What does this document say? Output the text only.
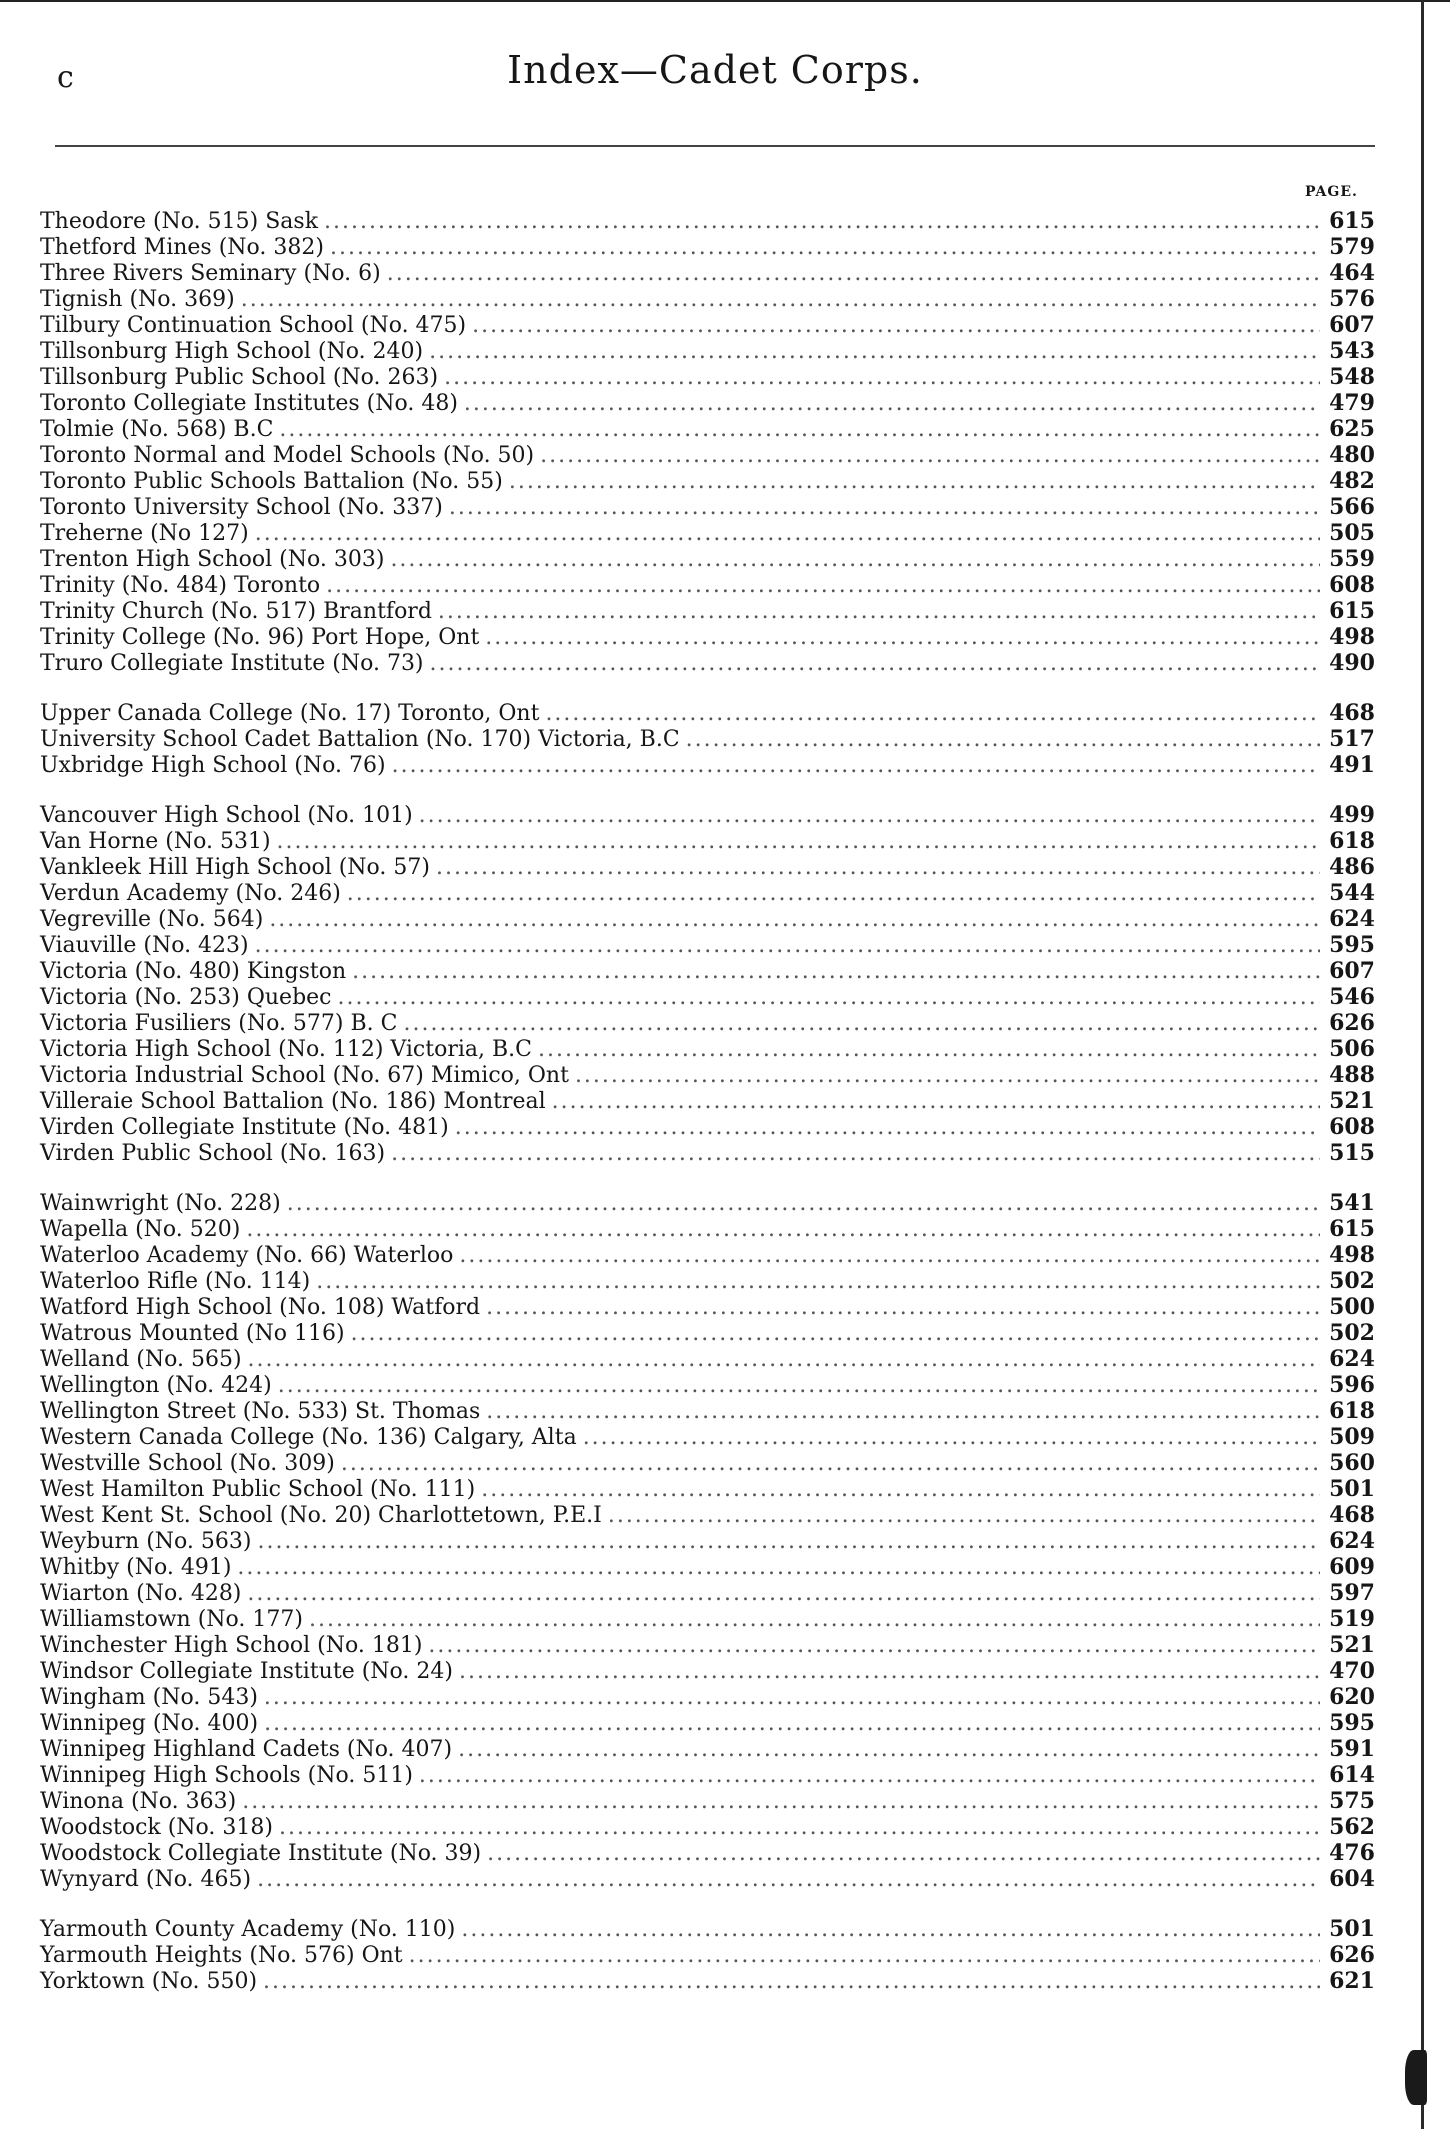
c	Index—Cadet Corps.
PAGE.
Theodore (No. 515) Sask .....	615
Thetford Mines (No. 382) .....	579
Three Rivers Seminary (No. 6) .....	464
Tignish (No. 369) .....	576
Tilbury Continuation School (No. 475) .....	607
Tillsonburg High School (No. 240) .....	543
Tillsonburg Public School (No. 263) .....	548
Toronto Collegiate Institutes (No. 48) .....	479
Tolmie (No. 568) B.C .....	625
Toronto Normal and Model Schools (No. 50) .....	480
Toronto Public Schools Battalion (No. 55) .....	482
Toronto University School (No. 337) .....	566
Treherne (No 127) .....	505
Trenton High School (No. 303) .....	559
Trinity (No. 484) Toronto .....	608
Trinity Church (No. 517) Brantford .....	615
Trinity College (No. 96) Port Hope, Ont .....	498
Truro Collegiate Institute (No. 73) .....	490
Upper Canada College (No. 17) Toronto, Ont .....	468
University School Cadet Battalion (No. 170) Victoria, B.C .....	517
Uxbridge High School (No. 76) .....	491
Vancouver High School (No. 101) .....	499
Van Horne (No. 531) .....	618
Vankleek Hill High School (No. 57) .....	486
Verdun Academy (No. 246) .....	544
Vegreville (No. 564) .....	624
Viauville (No. 423) .....	595
Victoria (No. 480) Kingston .....	607
Victoria (No. 253) Quebec .....	546
Victoria Fusiliers (No. 577) B. C .....	626
Victoria High School (No. 112) Victoria, B.C .....	506
Victoria Industrial School (No. 67) Mimico, Ont .....	488
Villeraie School Battalion (No. 186) Montreal .....	521
Virden Collegiate Institute (No. 481) .....	608
Virden Public School (No. 163) .....	515
Wainwright (No. 228) .....	541
Wapella (No. 520) .....	615
Waterloo Academy (No. 66) Waterloo .....	498
Waterloo Rifle (No. 114) .....	502
Watford High School (No. 108) Watford .....	500
Watrous Mounted (No 116) .....	502
Welland (No. 565) .....	624
Wellington (No. 424) .....	596
Wellington Street (No. 533) St. Thomas .....	618
Western Canada College (No. 136) Calgary, Alta .....	509
Westville School (No. 309) .....	560
West Hamilton Public School (No. 111) .....	501
West Kent St. School (No. 20) Charlottetown, P.E.I .....	468
Weyburn (No. 563) .....	624
Whitby (No. 491) .....	609
Wiarton (No. 428) .....	597
Williamstown (No. 177) .....	519
Winchester High School (No. 181) .....	521
Windsor Collegiate Institute (No. 24) .....	470
Wingham (No. 543) .....	620
Winnipeg (No. 400) .....	595
Winnipeg Highland Cadets (No. 407) .....	591
Winnipeg High Schools (No. 511) .....	614
Winona (No. 363) .....	575
Woodstock (No. 318) .....	562
Woodstock Collegiate Institute (No. 39) .....	476
Wynyard (No. 465) .....	604
Yarmouth County Academy (No. 110) .....	501
Yarmouth Heights (No. 576) Ont .....	626
Yorktown (No. 550) .....	621
